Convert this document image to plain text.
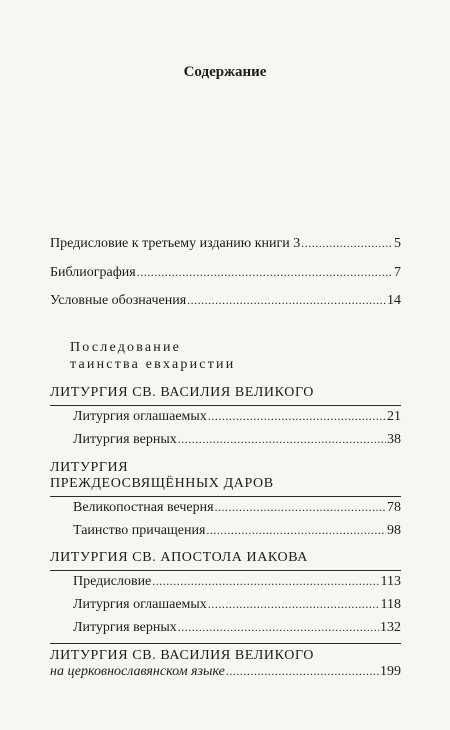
Содержание
Предисловие к третьему изданию книги 3 .....	5
Библиография .....	7
Условные обозначения .....	14
Последование
таинства евхаристии
ЛИТУРГИЯ СВ. ВАСИЛИЯ ВЕЛИКОГО
Литургия оглашаемых .....	21
Литургия верных .....	38
ЛИТУРГИЯ
ПРЕЖДЕОСВЯЩЁННЫХ ДАРОВ
Великопостная вечерня .....	78
Таинство причащения .....	98
ЛИТУРГИЯ СВ. АПОСТОЛА ИАКОВА
Предисловие .....	113
Литургия оглашаемых .....	118
Литургия верных .....	132
ЛИТУРГИЯ СВ. ВАСИЛИЯ ВЕЛИКОГО
на церковнославянском языке .....	199
